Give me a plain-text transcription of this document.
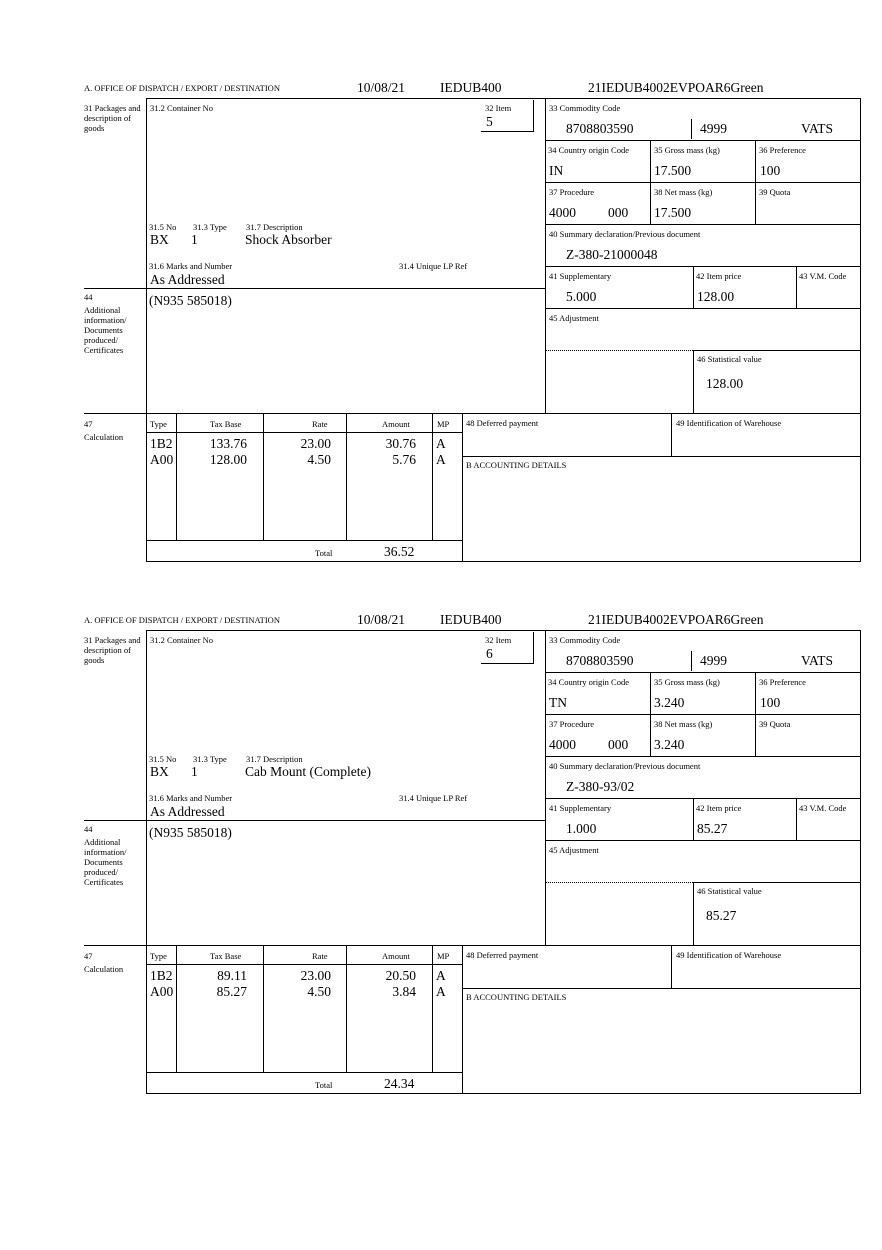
A. OFFICE OF DISPATCH / EXPORT / DESTINATION	10/08/21	IEDUB400	21IEDUB4002EVPOAR6Green
31 Packages and description of goods
44
Additional information/ Documents produced/ Certificates
47
Calculation
31.2 Container No	32 Item
5
31.5 No 31.3 Type 31.7 Description
BX 1	Shock Absorber
31.6 Marks and Number	31.4 Unique LP Ref
As Addressed
(N935 585018)
33 Commodity Code
8708803590	4999	VATS
34 Country origin Code
IN
35 Gross mass (kg)
17.500
36 Preference
100
37 Procedure
4000 000
38 Net mass (kg)
17.500
39 Quota
40 Summary declaration/Previous document
Z-380-21000048
41 Supplementary
5.000
42 Item price
128.00
43 V.M. Code
45 Adjustment
46 Statistical value
128.00
Type	Tax Base	Rate	Amount	MP
1B2	133.76	23.00	30.76 A
A00	128.00	4.50	5.76 A
Total	36.52
48 Deferred payment	49 Identification of Warehouse
B ACCOUNTING DETAILS
A. OFFICE OF DISPATCH / EXPORT / DESTINATION	10/08/21	IEDUB400	21IEDUB4002EVPOAR6Green
31 Packages and description of goods
44
Additional information/ Documents produced/ Certificates
47
Calculation
31.2 Container No	32 Item
6
31.5 No 31.3 Type 31.7 Description
BX 1	Cab Mount (Complete)
31.6 Marks and Number	31.4 Unique LP Ref
As Addressed
(N935 585018)
33 Commodity Code
8708803590	4999	VATS
34 Country origin Code
TN
35 Gross mass (kg)
3.240
36 Preference
100
37 Procedure
4000 000
38 Net mass (kg)
3.240
39 Quota
40 Summary declaration/Previous document
Z-380-93/02
41 Supplementary
1.000
42 Item price
85.27
43 V.M. Code
45 Adjustment
46 Statistical value
85.27
Type	Tax Base	Rate	Amount	MP
1B2	89.11	23.00	20.50 A
A00	85.27	4.50	3.84 A
Total	24.34
48 Deferred payment	49 Identification of Warehouse
B ACCOUNTING DETAILS
